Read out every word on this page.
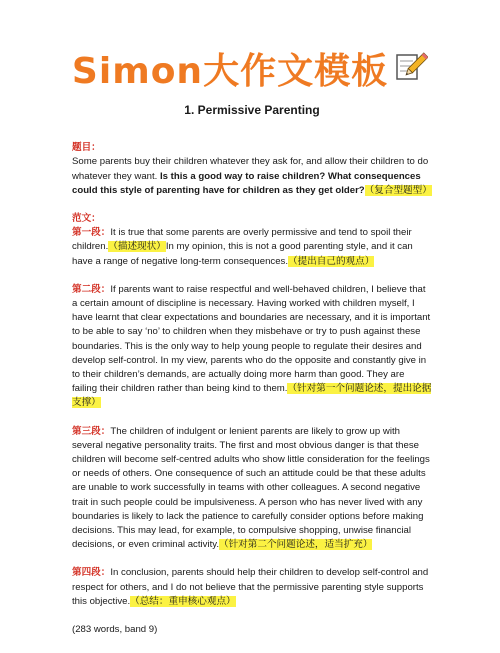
Simon大作文模板

1. Permissive Parenting

题目：

Some parents buy their children whatever they ask for, and allow their children to do whatever they want. Is this a good way to raise children? What consequences could this style of parenting have for children as they get older?（复合型题型）

范文：

第一段：It is true that some parents are overly permissive and tend to spoil their children.（描述现状）In my opinion, this is not a good parenting style, and it can have a range of negative long-term consequences.（提出自己的观点）

第二段：If parents want to raise respectful and well-behaved children, I believe that a certain amount of discipline is necessary. Having worked with children myself, I have learnt that clear expectations and boundaries are necessary, and it is important to be able to say ‘no’ to children when they misbehave or try to push against these boundaries. This is the only way to help young people to regulate their desires and develop self-control. In my view, parents who do the opposite and constantly give in to their children’s demands, are actually doing more harm than good. They are failing their children rather than being kind to them.（针对第一个问题论述，提出论据支撑）

第三段：The children of indulgent or lenient parents are likely to grow up with several negative personality traits. The first and most obvious danger is that these children will become self-centred adults who show little consideration for the feelings or needs of others. One consequence of such an attitude could be that these adults are unable to work successfully in teams with other colleagues. A second negative trait in such people could be impulsiveness. A person who has never lived with any boundaries is likely to lack the patience to carefully consider options before making decisions. This may lead, for example, to compulsive shopping, unwise financial decisions, or even criminal activity.（针对第二个问题论述，适当扩充）

第四段：In conclusion, parents should help their children to develop self-control and respect for others, and I do not believe that the permissive parenting style supports this objective.（总结：重申核心观点）

(283 words, band 9)
